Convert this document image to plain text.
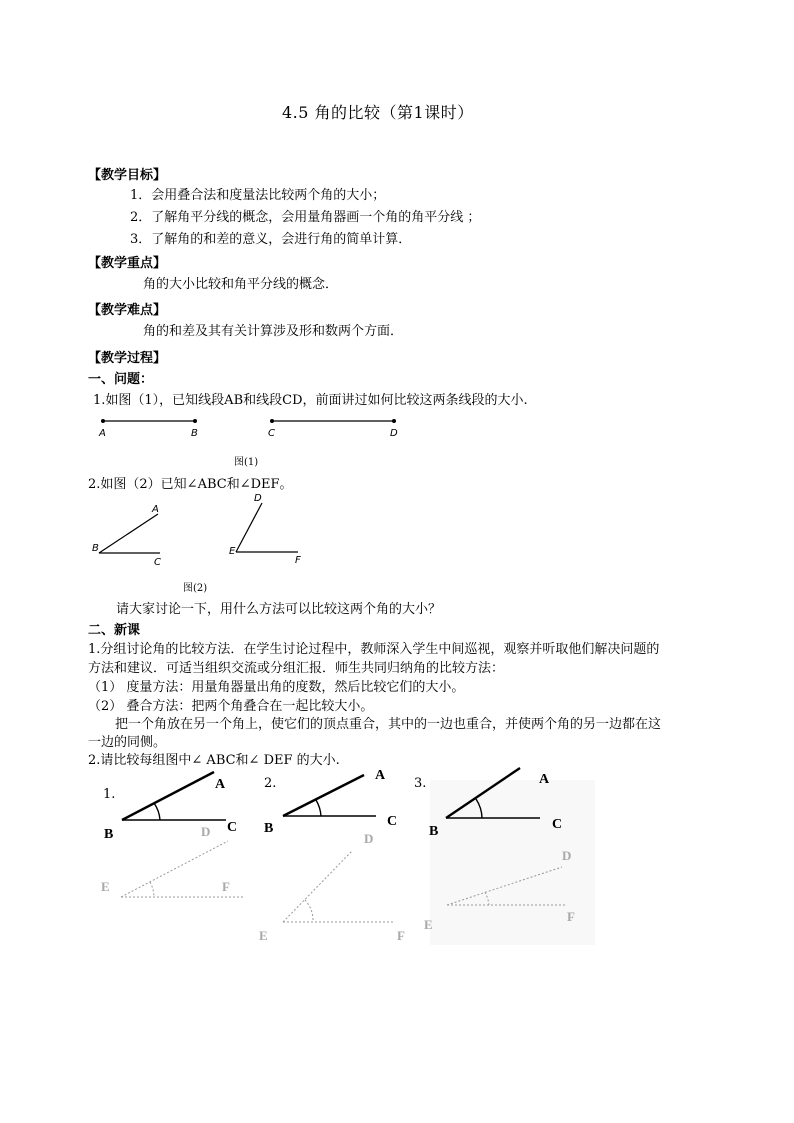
4.5 角的比较（第1课时）
【教学目标】
1．会用叠合法和度量法比较两个角的大小；
2．了解角平分线的概念，会用量角器画一个角的角平分线 ；
3．了解角的和差的意义，会进行角的简单计算．
【教学重点】
角的大小比较和角平分线的概念．
【教学难点】
角的和差及其有关计算涉及形和数两个方面．
【教学过程】
一、问题：
1.如图（1），已知线段AB和线段CD，前面讲过如何比较这两条线段的大小.
A	B	C	D
图(1)
2.如图（2）已知∠ABC和∠DEF。
A
B
C
D
E
F
图(2)
请大家讨论一下，用什么方法可以比较这两个角的大小？
二、新课
1.分组讨论角的比较方法．在学生讨论过程中，教师深入学生中间巡视，观察并听取他们解决问题的
方法和建议．可适当组织交流或分组汇报．师生共同归纳角的比较方法：
（1） 度量方法：用量角器量出角的度数，然后比较它们的大小。
（2） 叠合方法：把两个角叠合在一起比较大小。
把一个角放在另一个角上，使它们的顶点重合，其中的一边也重合，并使两个角的另一边都在这
一边的同侧。
2.请比较每组图中∠ ABC和∠ DEF 的大小.
1.
A
B	C
D
E	F
2.
A
B	C
D
E	F
3.	A
B	C
D
E
F
